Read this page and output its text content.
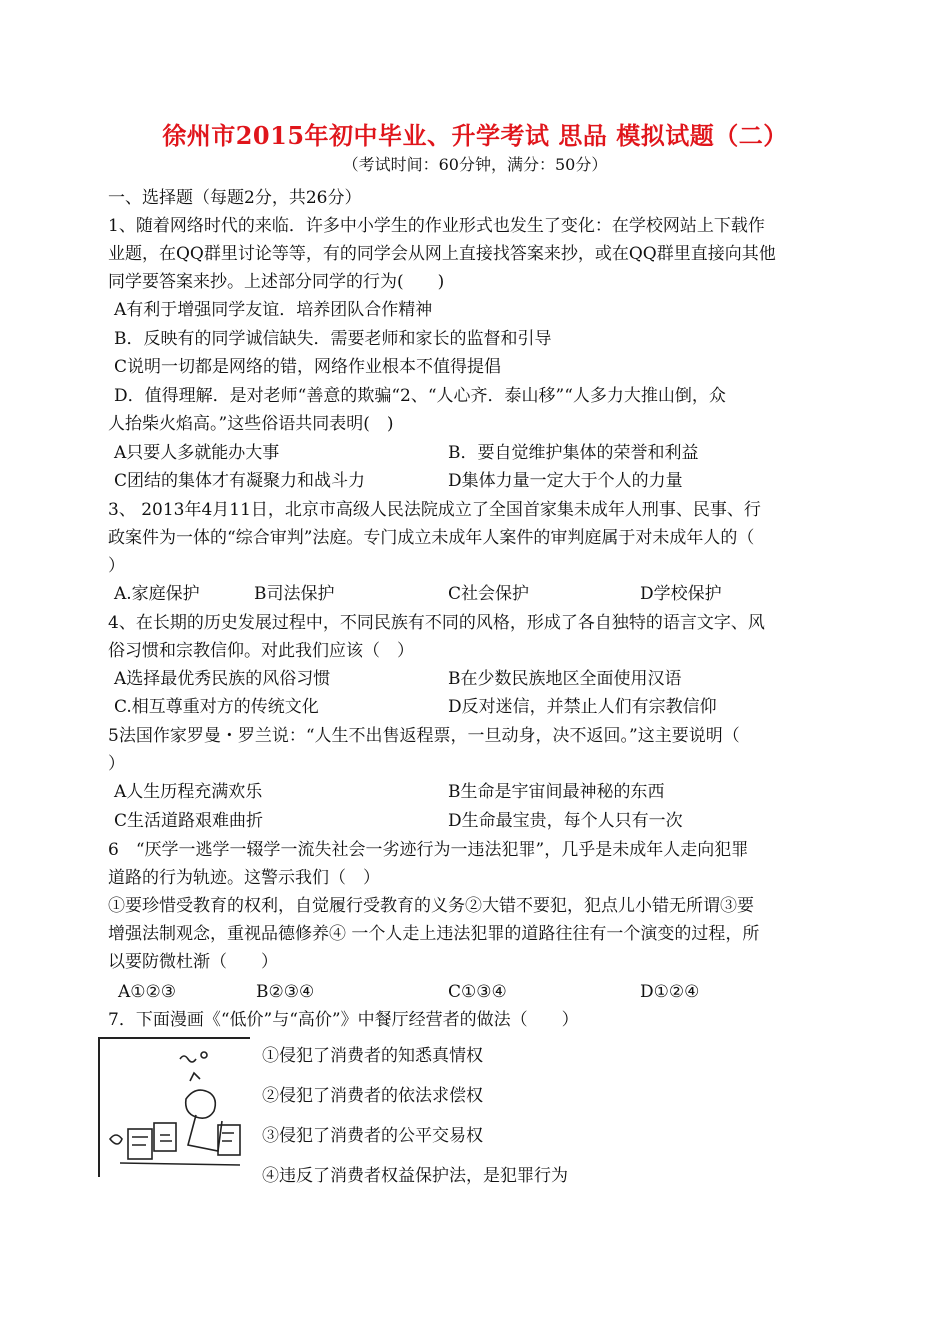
徐州市2015年初中毕业、升学考试 思品 模拟试题（二）
（考试时间：60分钟，满分：50分）
一、选择题（每题2分，共26分）
1、随着网络时代的来临．许多中小学生的作业形式也发生了变化：在学校网站上下载作
业题，在QQ群里讨论等等，有的同学会从网上直接找答案来抄，或在QQ群里直接向其他
同学要答案来抄。上述部分同学的行为(　　)
A有利于增强同学友谊．培养团队合作精神
B．反映有的同学诚信缺失．需要老师和家长的监督和引导
C说明一切都是网络的错，网络作业根本不值得提倡
D．值得理解．是对老师“善意的欺骗“2、“人心齐．泰山移”“人多力大推山倒，众
人抬柴火焰高。”这些俗语共同表明(　)
A只要人多就能办大事	B．要自觉维护集体的荣誉和利益
C团结的集体才有凝聚力和战斗力	D集体力量一定大于个人的力量
3、 2013年4月11日，北京市高级人民法院成立了全国首家集未成年人刑事、民事、行
政案件为一体的“综合审判”法庭。专门成立未成年人案件的审判庭属于对未成年人的（
）
A.家庭保护	B司法保护	C社会保护	D学校保护
4、在长期的历史发展过程中，不同民族有不同的风格，形成了各自独特的语言文字、风
俗习惯和宗教信仰。对此我们应该（　）
A选择最优秀民族的风俗习惯	B在少数民族地区全面使用汉语
C.相互尊重对方的传统文化	D反对迷信，并禁止人们有宗教信仰
5法国作家罗曼・罗兰说：“人生不出售返程票，一旦动身，决不返回。”这主要说明（
）
A人生历程充满欢乐	B生命是宇宙间最神秘的东西
C生活道路艰难曲折	D生命最宝贵，每个人只有一次
6　“厌学一逃学一辍学一流失社会一劣迹行为一违法犯罪”，几乎是未成年人走向犯罪
道路的行为轨迹。这警示我们（　）
①要珍惜受教育的权利，自觉履行受教育的义务②大错不要犯，犯点儿小错无所谓③要
增强法制观念，重视品德修养④ 一个人走上违法犯罪的道路往往有一个演变的过程，所
以要防微杜渐（　　）
A①②③	B②③④	C①③④	D①②④
7．下面漫画《“低价”与“高价”》中餐厅经营者的做法（　　）
①侵犯了消费者的知悉真情权
②侵犯了消费者的依法求偿权
③侵犯了消费者的公平交易权
④违反了消费者权益保护法，是犯罪行为
